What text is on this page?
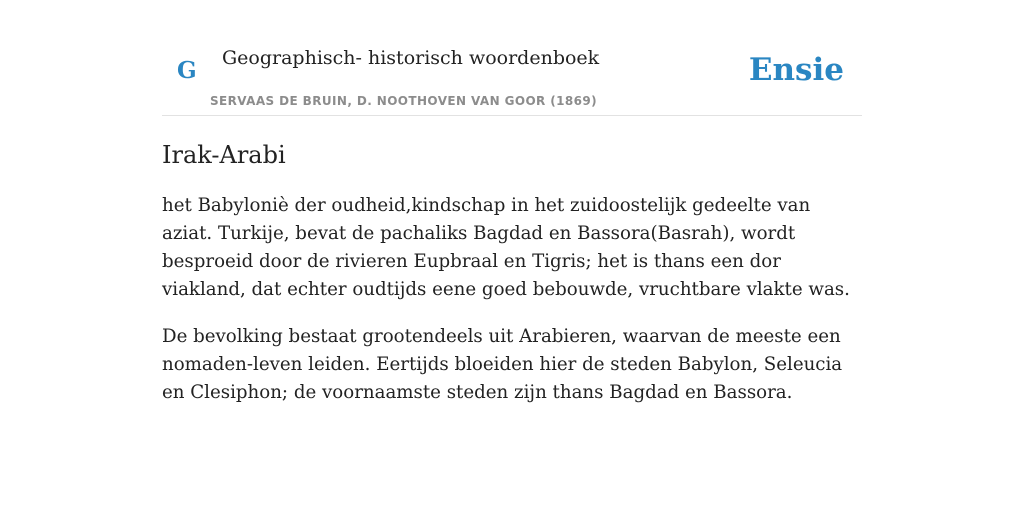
G Geographisch- historisch woordenboek
SERVAAS DE BRUIN, D. NOOTHOVEN VAN GOOR (1869)
Ensie
Irak-Arabi

het Babyloniè der oudheid,kindschap in het zuidoostelijk gedeelte van aziat. Turkije, bevat de pachaliks Bagdad en Bassora(Basrah), wordt besproeid door de rivieren Eupbraal en Tigris; het is thans een dor viakland, dat echter oudtijds eene goed bebouwde, vruchtbare vlakte was.

De bevolking bestaat grootendeels uit Arabieren, waarvan de meeste een nomaden-leven leiden. Eertijds bloeiden hier de steden Babylon, Seleucia en Clesiphon; de voornaamste steden zijn thans Bagdad en Bassora.
